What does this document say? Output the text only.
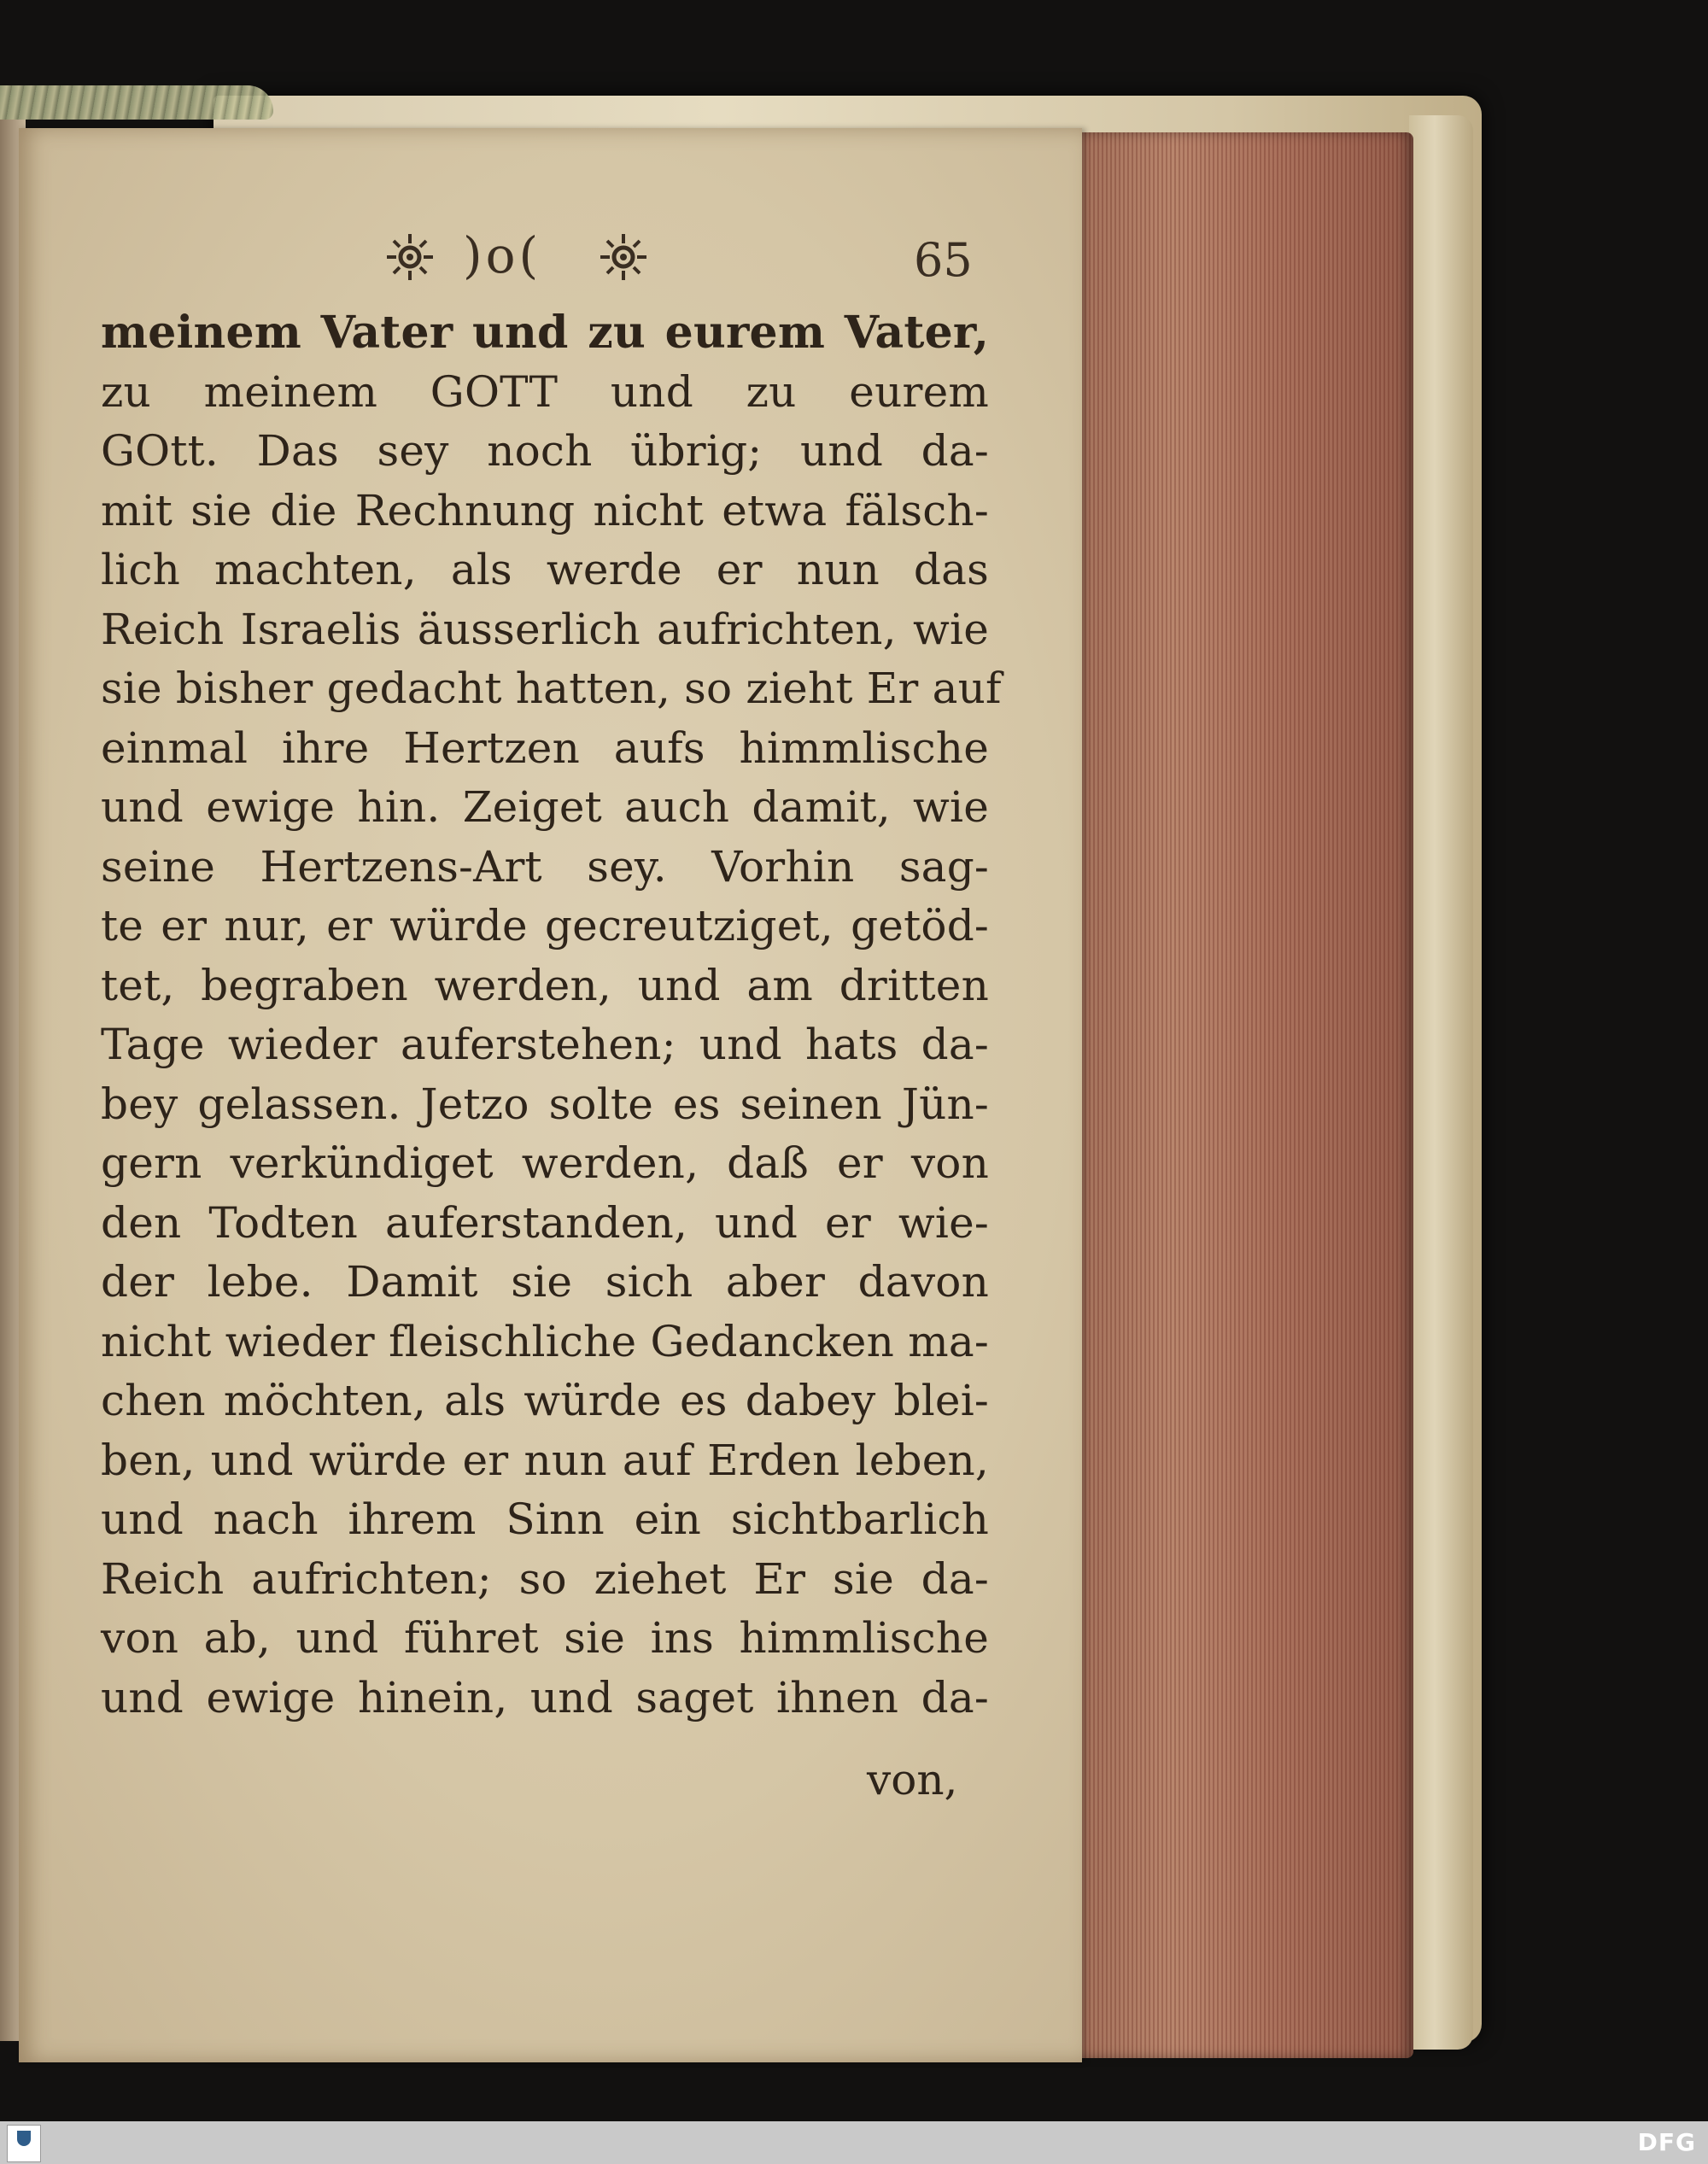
)o(	65
meinem Vater und zu eurem Vater,
zu meinem GOTT und zu eurem
GOtt. Das sey noch übrig; und da-
mit sie die Rechnung nicht etwa fälsch-
lich machten, als werde er nun das
Reich Israelis äusserlich aufrichten, wie
sie bisher gedacht hatten, so zieht Er auf
einmal ihre Hertzen aufs himmlische
und ewige hin. Zeiget auch damit, wie
seine Hertzens-Art sey. Vorhin sag-
te er nur, er würde gecreutziget, getöd-
tet, begraben werden, und am dritten
Tage wieder auferstehen; und hats da-
bey gelassen. Jetzo solte es seinen Jün-
gern verkündiget werden, daß er von
den Todten auferstanden, und er wie-
der lebe. Damit sie sich aber davon
nicht wieder fleischliche Gedancken ma-
chen möchten, als würde es dabey blei-
ben, und würde er nun auf Erden leben,
und nach ihrem Sinn ein sichtbarlich
Reich aufrichten; so ziehet Er sie da-
von ab, und führet sie ins himmlische
und ewige hinein, und saget ihnen da-
von,
DFG
